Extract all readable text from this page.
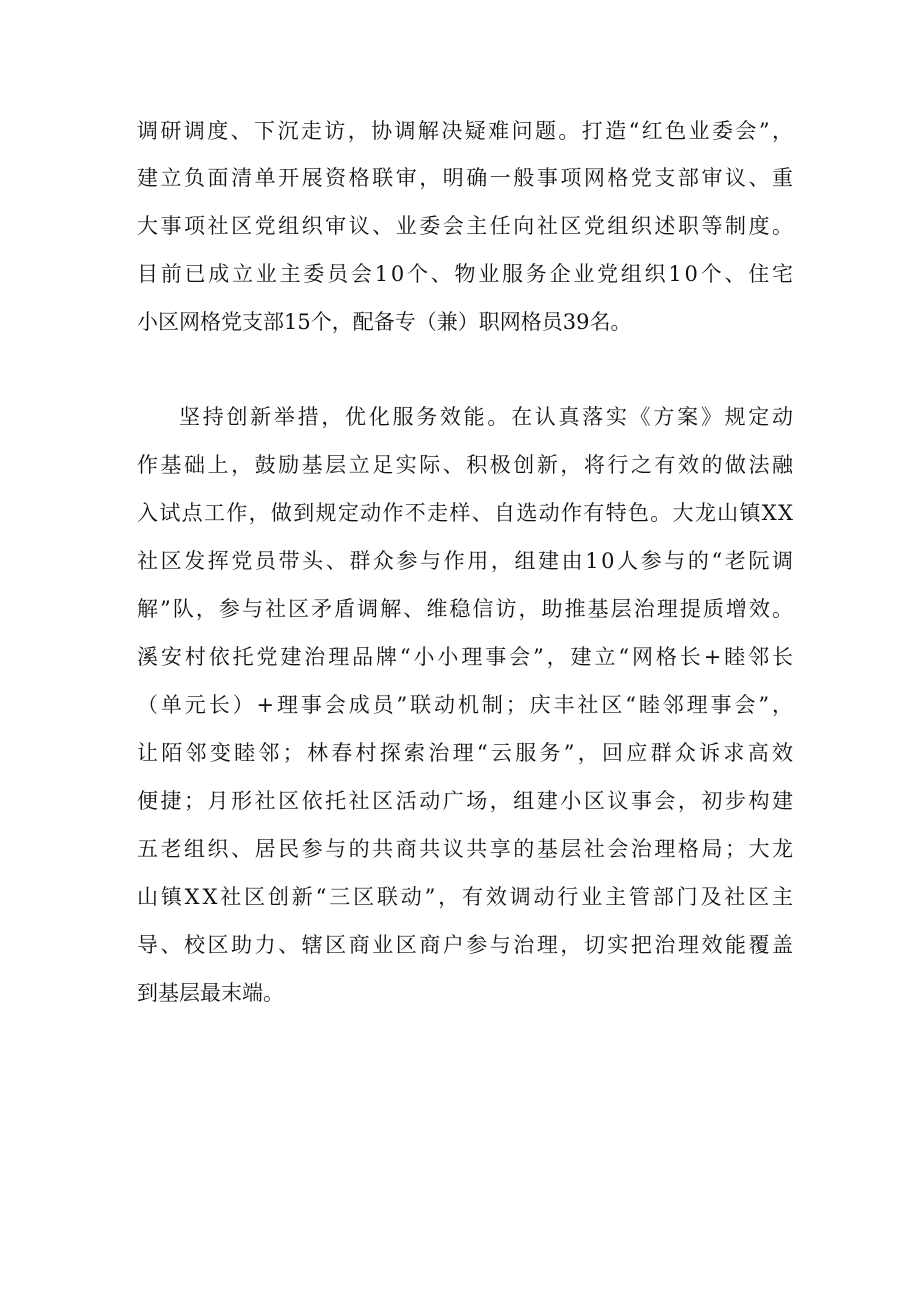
调研调度、下沉走访，协调解决疑难问题。打造“红色业委会”，
建立负面清单开展资格联审，明确一般事项网格党支部审议、重
大事项社区党组织审议、业委会主任向社区党组织述职等制度。
目前已成立业主委员会10个、物业服务企业党组织10个、住宅
小区网格党支部15个，配备专（兼）职网格员39名。
坚持创新举措，优化服务效能。在认真落实《方案》规定动
作基础上，鼓励基层立足实际、积极创新，将行之有效的做法融
入试点工作，做到规定动作不走样、自选动作有特色。大龙山镇XX
社区发挥党员带头、群众参与作用，组建由10人参与的“老阮调
解”队，参与社区矛盾调解、维稳信访，助推基层治理提质增效。
溪安村依托党建治理品牌“小小理事会”，建立“网格长+睦邻长
（单元长）+理事会成员”联动机制；庆丰社区“睦邻理事会”，
让陌邻变睦邻；林春村探索治理“云服务”，回应群众诉求高效
便捷；月形社区依托社区活动广场，组建小区议事会，初步构建
五老组织、居民参与的共商共议共享的基层社会治理格局；大龙
山镇XX社区创新“三区联动”，有效调动行业主管部门及社区主
导、校区助力、辖区商业区商户参与治理，切实把治理效能覆盖
到基层最末端。
